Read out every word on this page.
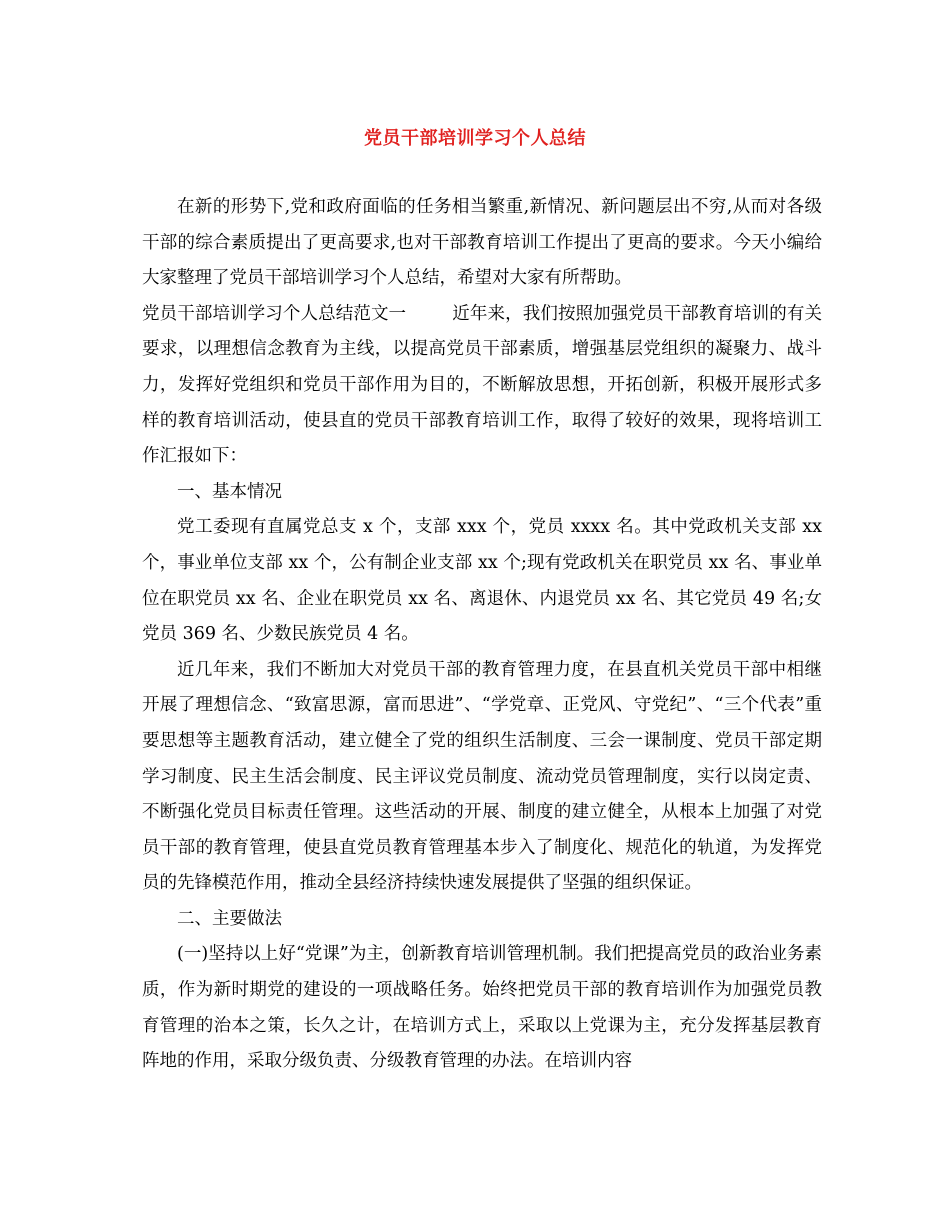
党员干部培训学习个人总结

在新的形势下,党和政府面临的任务相当繁重,新情况、新问题层出不穷,从而对各级干部的综合素质提出了更高要求,也对干部教育培训工作提出了更高的要求。今天小编给大家整理了党员干部培训学习个人总结，希望对大家有所帮助。

党员干部培训学习个人总结范文一	近年来，我们按照加强党员干部教育培训的有关要求，以理想信念教育为主线，以提高党员干部素质，增强基层党组织的凝聚力、战斗力，发挥好党组织和党员干部作用为目的，不断解放思想，开拓创新，积极开展形式多样的教育培训活动，使县直的党员干部教育培训工作，取得了较好的效果，现将培训工作汇报如下：

一、基本情况

党工委现有直属党总支 x 个，支部 xxx 个，党员 xxxx 名。其中党政机关支部 xx 个，事业单位支部 xx 个，公有制企业支部 xx 个;现有党政机关在职党员 xx 名、事业单位在职党员 xx 名、企业在职党员 xx 名、离退休、内退党员 xx 名、其它党员 49 名;女党员 369 名、少数民族党员 4 名。

近几年来，我们不断加大对党员干部的教育管理力度，在县直机关党员干部中相继开展了理想信念、“致富思源，富而思进”、“学党章、正党风、守党纪”、“三个代表”重要思想等主题教育活动，建立健全了党的组织生活制度、三会一课制度、党员干部定期学习制度、民主生活会制度、民主评议党员制度、流动党员管理制度，实行以岗定责、不断强化党员目标责任管理。这些活动的开展、制度的建立健全，从根本上加强了对党员干部的教育管理，使县直党员教育管理基本步入了制度化、规范化的轨道，为发挥党员的先锋模范作用，推动全县经济持续快速发展提供了坚强的组织保证。

二、主要做法

(一)坚持以上好“党课”为主，创新教育培训管理机制。我们把提高党员的政治业务素质，作为新时期党的建设的一项战略任务。始终把党员干部的教育培训作为加强党员教育管理的治本之策，长久之计，在培训方式上，采取以上党课为主，充分发挥基层教育阵地的作用，采取分级负责、分级教育管理的办法。在培训内容
